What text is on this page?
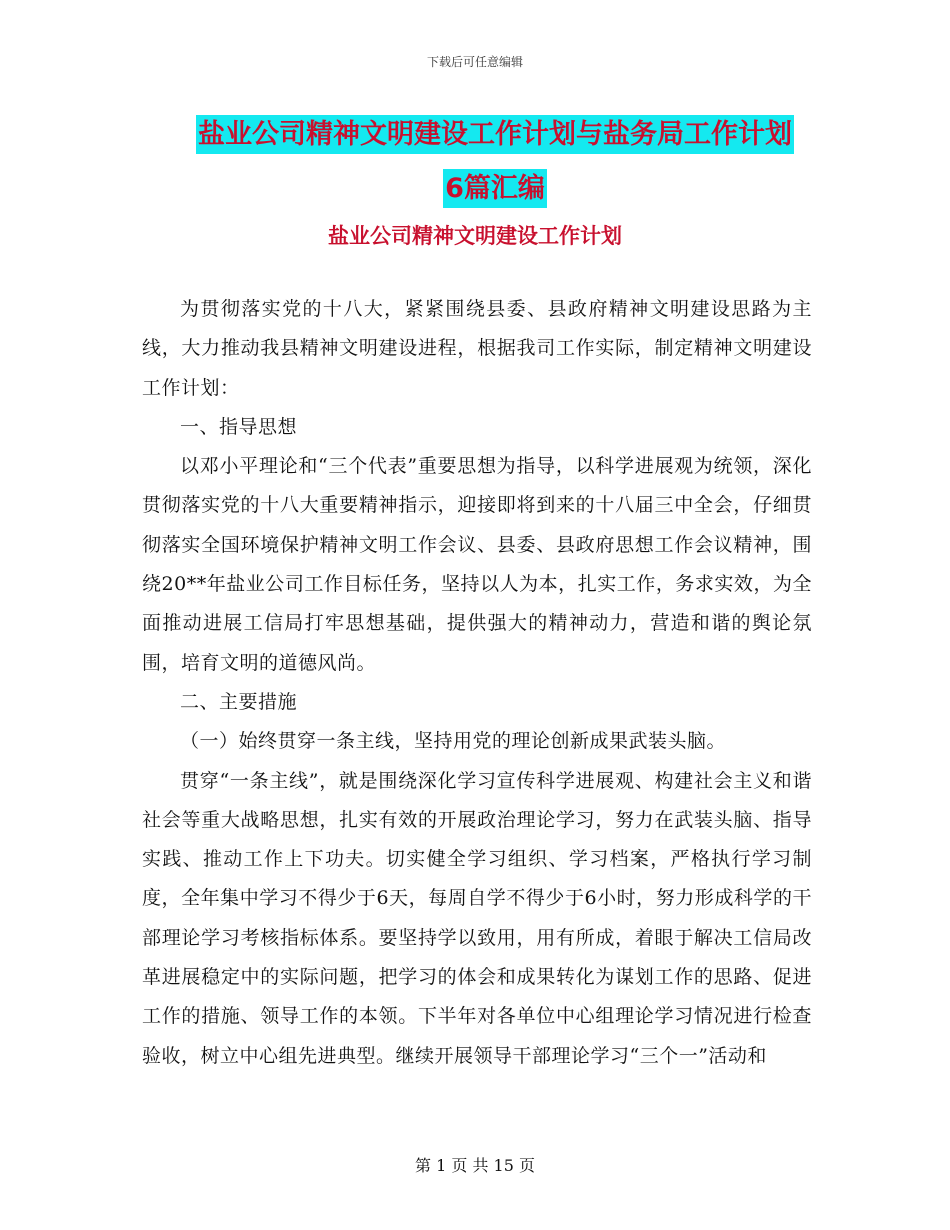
下载后可任意编辑
盐业公司精神文明建设工作计划与盐务局工作计划6篇汇编
盐业公司精神文明建设工作计划

为贯彻落实党的十八大，紧紧围绕县委、县政府精神文明建设思路为主线，大力推动我县精神文明建设进程，根据我司工作实际，制定精神文明建设工作计划：

一、指导思想

以邓小平理论和“三个代表”重要思想为指导，以科学进展观为统领，深化贯彻落实党的十八大重要精神指示，迎接即将到来的十八届三中全会，仔细贯彻落实全国环境保护精神文明工作会议、县委、县政府思想工作会议精神，围绕20**年盐业公司工作目标任务，坚持以人为本，扎实工作，务求实效，为全面推动进展工信局打牢思想基础，提供强大的精神动力，营造和谐的舆论氛围，培育文明的道德风尚。

二、主要措施

（一）始终贯穿一条主线，坚持用党的理论创新成果武装头脑。

贯穿“一条主线”，就是围绕深化学习宣传科学进展观、构建社会主义和谐社会等重大战略思想，扎实有效的开展政治理论学习，努力在武装头脑、指导实践、推动工作上下功夫。切实健全学习组织、学习档案，严格执行学习制度，全年集中学习不得少于6天，每周自学不得少于6小时，努力形成科学的干部理论学习考核指标体系。要坚持学以致用，用有所成，着眼于解决工信局改革进展稳定中的实际问题，把学习的体会和成果转化为谋划工作的思路、促进工作的措施、领导工作的本领。下半年对各单位中心组理论学习情况进行检查验收，树立中心组先进典型。继续开展领导干部理论学习“三个一”活动和

第 1 页 共 15 页
